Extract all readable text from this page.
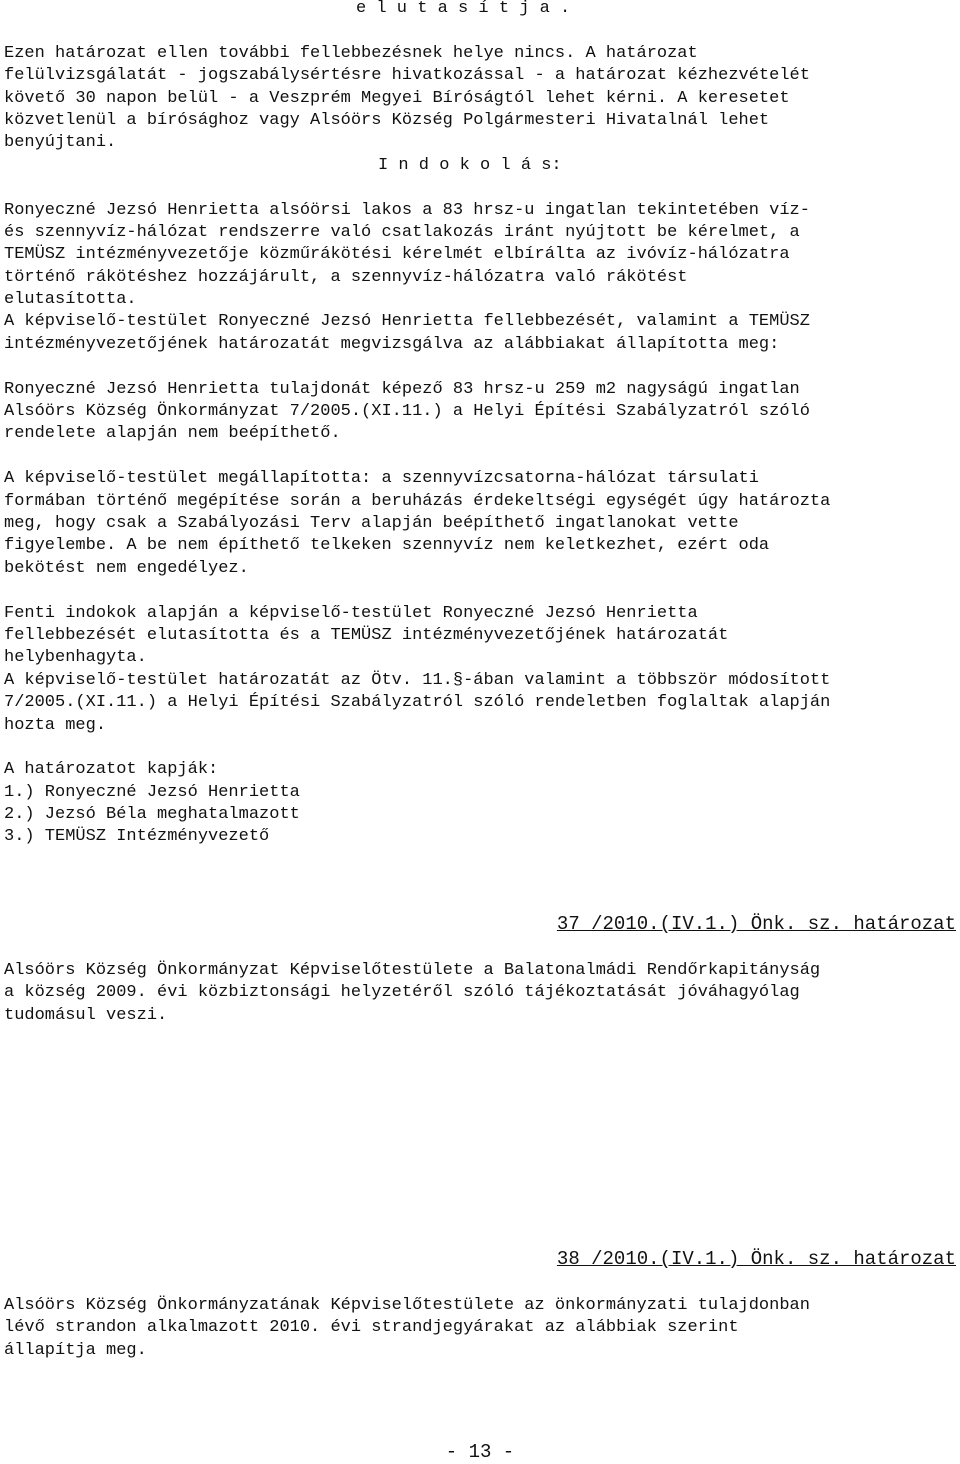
e l u t a s í t j a .
Ezen határozat ellen további fellebbezésnek helye nincs. A határozat
felülvizsgálatát - jogszabálysértésre hivatkozással - a határozat kézhezvételét
követő 30 napon belül - a Veszprém Megyei Bíróságtól lehet kérni. A keresetet
közvetlenül a bírósághoz vagy Alsóörs Község Polgármesteri Hivatalnál lehet
benyújtani.
I n d o k o l á s:
Ronyeczné Jezsó Henrietta alsóörsi lakos a 83 hrsz-u ingatlan tekintetében víz-
és szennyvíz-hálózat rendszerre való csatlakozás iránt nyújtott be kérelmet, a
TEMÜSZ intézményvezetője közműrákötési kérelmét elbírálta az ivóvíz-hálózatra
történő rákötéshez hozzájárult, a szennyvíz-hálózatra való rákötést
elutasította.
A képviselő-testület Ronyeczné Jezsó Henrietta fellebbezését, valamint a TEMÜSZ
intézményvezetőjének határozatát megvizsgálva az alábbiakat állapította meg:
Ronyeczné Jezsó Henrietta tulajdonát képező 83 hrsz-u 259 m2 nagyságú ingatlan
Alsóörs Község Önkormányzat 7/2005.(XI.11.) a Helyi Építési Szabályzatról szóló
rendelete alapján nem beépíthető.
A képviselő-testület megállapította: a szennyvízcsatorna-hálózat társulati
formában történő megépítése során a beruházás érdekeltségi egységét úgy határozta
meg, hogy csak a Szabályozási Terv alapján beépíthető ingatlanokat vette
figyelembe. A be nem építhető telkeken szennyvíz nem keletkezhet, ezért oda
bekötést nem engedélyez.
Fenti indokok alapján a képviselő-testület Ronyeczné Jezsó Henrietta
fellebbezését elutasította és a TEMÜSZ intézményvezetőjének határozatát
helybenhagyta.
A képviselő-testület határozatát az Ötv. 11.§-ában valamint a többször módosított
7/2005.(XI.11.) a Helyi Építési Szabályzatról szóló rendeletben foglaltak alapján
hozta meg.
A határozatot kapják:
1.) Ronyeczné Jezsó Henrietta
2.) Jezsó Béla meghatalmazott
3.) TEMÜSZ Intézményvezető
37 /2010.(IV.1.) Önk. sz. határozat
Alsóörs Község Önkormányzat Képviselőtestülete a Balatonalmádi Rendőrkapitányság
a község 2009. évi közbiztonsági helyzetéről szóló tájékoztatását jóváhagyólag
tudomásul veszi.
38 /2010.(IV.1.) Önk. sz. határozat
Alsóörs Község Önkormányzatának Képviselőtestülete az önkormányzati tulajdonban
lévő strandon alkalmazott 2010. évi strandjegyárakat az alábbiak szerint
állapítja meg.
- 13 -
